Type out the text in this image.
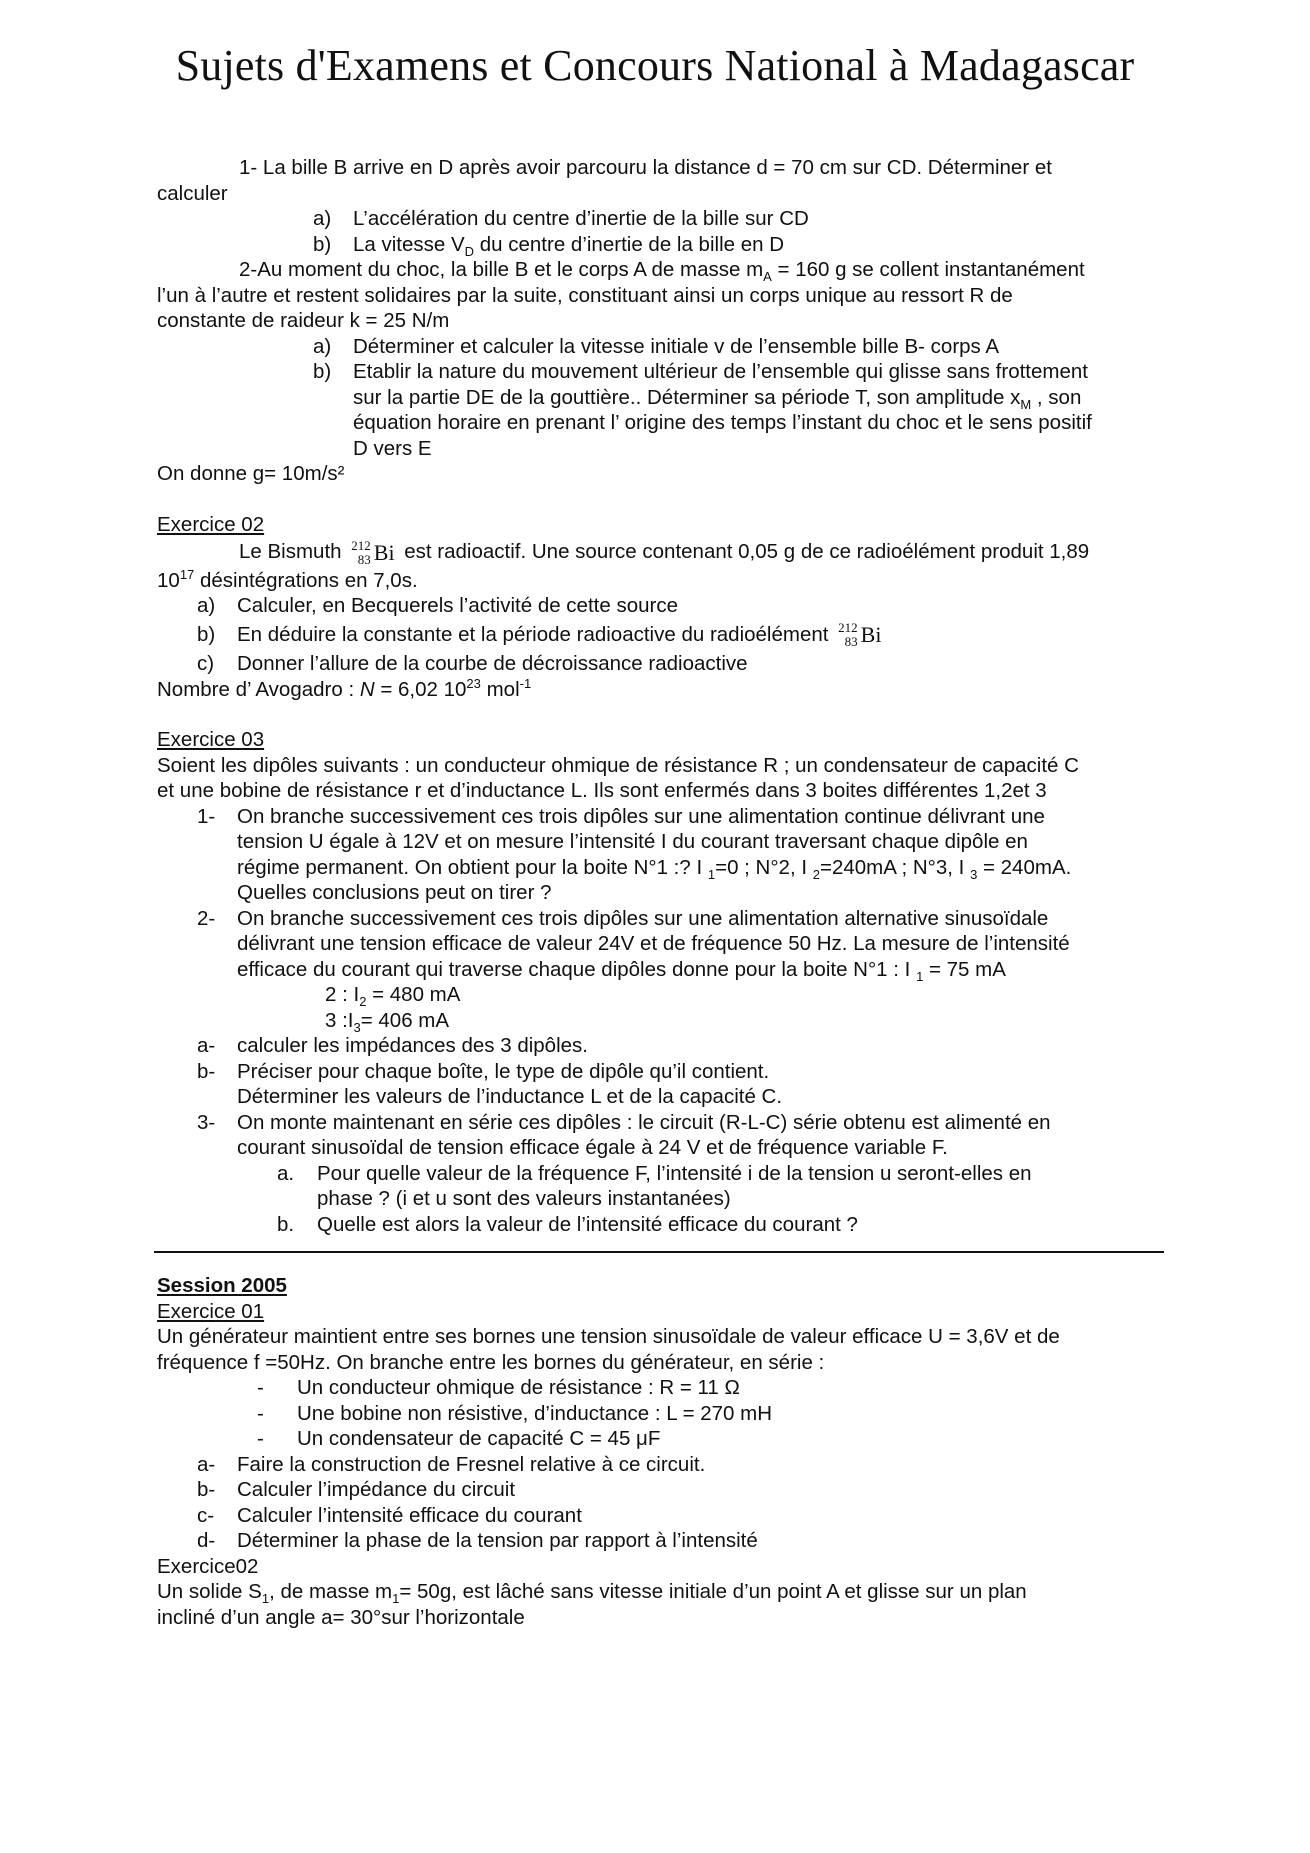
Sujets d'Examens et Concours National à Madagascar

1- La bille B arrive en D après avoir parcouru la distance d = 70 cm sur CD. Déterminer et

calculer

a)	L’accélération du centre d’inertie de la bille sur CD
b)	La vitesse $V_D$ du centre d’inertie de la bille en D

2-Au moment du choc, la bille B et le corps A de masse $m_A = 160$ g se collent instantanément

l’un à l’autre et restent solidaires par la suite, constituant ainsi un corps unique au ressort R de

constante de raideur k = 25 N/m

a)	Déterminer et calculer la vitesse initiale v de l’ensemble bille B- corps A
b)	Etablir la nature du mouvement ultérieur de l’ensemble qui glisse sans frottement
sur la partie DE de la gouttière.. Déterminer sa période T, son amplitude $x_M$ , son
équation horaire en prenant l’ origine des temps l’instant du choc et le sens positif
D vers E

On donne g= 10m/s²

Exercice 02

Le Bismuth 212
83 Bi est radioactif. Une source contenant 0,05 g de ce radioélément produit 1,89

$10^{17}$ désintégrations en 7,0s.

a)	Calculer, en Becquerels l’activité de cette source
b)	En déduire la constante et la période radioactive du radioélément 212
83 Bi
c)	Donner l’allure de la courbe de décroissance radioactive

Nombre d’ Avogadro : N = 6,02 $10^{23}$ mol$^{-1}$

Exercice 03

Soient les dipôles suivants : un conducteur ohmique de résistance R ; un condensateur de capacité C

et une bobine de résistance r et d’inductance L. Ils sont enfermés dans 3 boites différentes 1,2et 3

1-	On branche successivement ces trois dipôles sur une alimentation continue délivrant une
tension U égale à 12V et on mesure l’intensité I du courant traversant chaque dipôle en
régime permanent. On obtient pour la boite N°1 :? I $_1$=0 ; N°2, I $_2$=240mA ; N°3, I $_3$ = 240mA.
Quelles conclusions peut on tirer ?
2-	On branche successivement ces trois dipôles sur une alimentation alternative sinusoïdale
délivrant une tension efficace de valeur 24V et de fréquence 50 Hz. La mesure de l’intensité
efficace du courant qui traverse chaque dipôles donne pour la boite N°1 : I $_1$ = 75 mA
2 : $I_2 = 480$ mA
3 $:I_3= 406$ mA
a-	calculer les impédances des 3 dipôles.
b-	Préciser pour chaque boîte, le type de dipôle qu’il contient.
Déterminer les valeurs de l’inductance L et de la capacité C.
3-	On monte maintenant en série ces dipôles : le circuit (R-L-C) série obtenu est alimenté en
courant sinusoïdal de tension efficace égale à 24 V et de fréquence variable F.
a.	Pour quelle valeur de la fréquence F, l’intensité i de la tension u seront-elles en
phase ? (i et u sont des valeurs instantanées)
b.	Quelle est alors la valeur de l’intensité efficace du courant ?

Session 2005

Exercice 01

Un générateur maintient entre ses bornes une tension sinusoïdale de valeur efficace U = 3,6V et de

fréquence f =50Hz. On branche entre les bornes du générateur, en série :

-	Un conducteur ohmique de résistance : R = 11 Ω
-	Une bobine non résistive, d’inductance : L = 270 mH
-	Un condensateur de capacité C = 45 μF
a-	Faire la construction de Fresnel relative à ce circuit.
b-	Calculer l’impédance du circuit
c-	Calculer l’intensité efficace du courant
d-	Déterminer la phase de la tension par rapport à l’intensité

Exercice02

Un solide $S_1$, de masse $m_1= 50g$, est lâché sans vitesse initiale d’un point A et glisse sur un plan

incliné d’un angle a= 30°sur l’horizontale
